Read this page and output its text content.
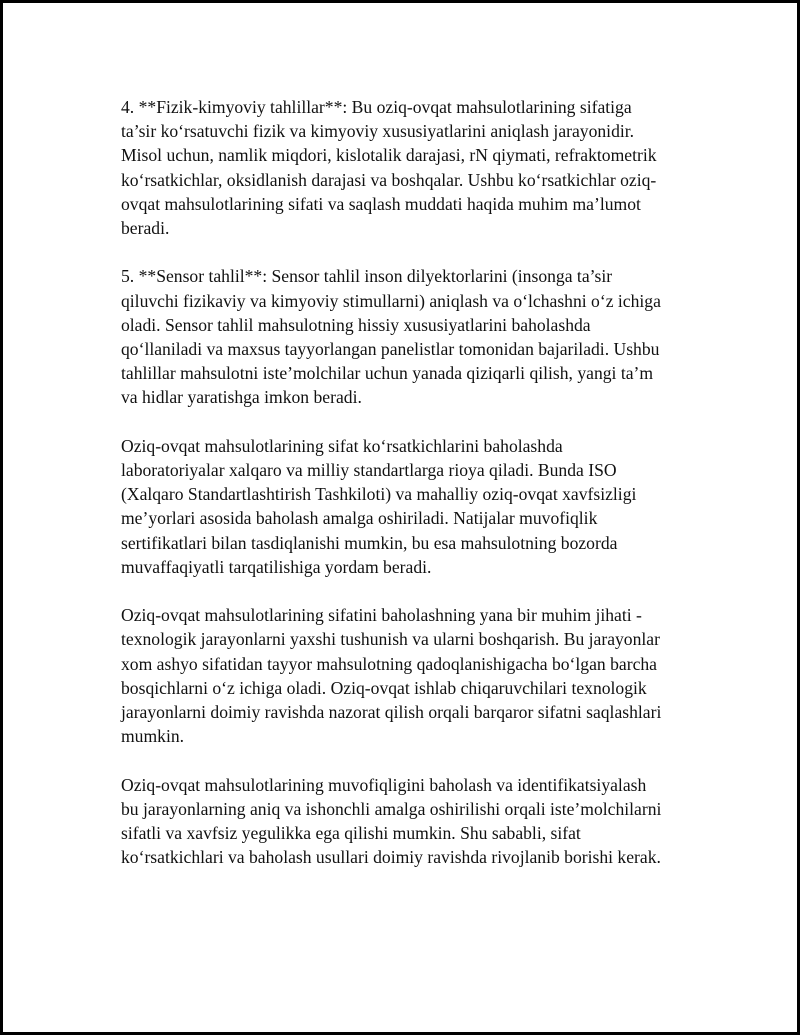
4. **Fizik-kimyoviy tahlillar**: Bu oziq-ovqat mahsulotlarining sifatiga
ta’sir ko‘rsatuvchi fizik va kimyoviy xususiyatlarini aniqlash jarayonidir.
Misol uchun, namlik miqdori, kislotalik darajasi, rN qiymati, refraktometrik
ko‘rsatkichlar, oksidlanish darajasi va boshqalar. Ushbu ko‘rsatkichlar oziq-
ovqat mahsulotlarining sifati va saqlash muddati haqida muhim ma’lumot
beradi.

5. **Sensor tahlil**: Sensor tahlil inson dilyektorlarini (insonga ta’sir
qiluvchi fizikaviy va kimyoviy stimullarni) aniqlash va o‘lchashni o‘z ichiga
oladi. Sensor tahlil mahsulotning hissiy xususiyatlarini baholashda
qo‘llaniladi va maxsus tayyorlangan panelistlar tomonidan bajariladi. Ushbu
tahlillar mahsulotni iste’molchilar uchun yanada qiziqarli qilish, yangi ta’m
va hidlar yaratishga imkon beradi.

Oziq-ovqat mahsulotlarining sifat ko‘rsatkichlarini baholashda
laboratoriyalar xalqaro va milliy standartlarga rioya qiladi. Bunda ISO
(Xalqaro Standartlashtirish Tashkiloti) va mahalliy oziq-ovqat xavfsizligi
me’yorlari asosida baholash amalga oshiriladi. Natijalar muvofiqlik
sertifikatlari bilan tasdiqlanishi mumkin, bu esa mahsulotning bozorda
muvaffaqiyatli tarqatilishiga yordam beradi.

Oziq-ovqat mahsulotlarining sifatini baholashning yana bir muhim jihati -
texnologik jarayonlarni yaxshi tushunish va ularni boshqarish. Bu jarayonlar
xom ashyo sifatidan tayyor mahsulotning qadoqlanishigacha bo‘lgan barcha
bosqichlarni o‘z ichiga oladi. Oziq-ovqat ishlab chiqaruvchilari texnologik
jarayonlarni doimiy ravishda nazorat qilish orqali barqaror sifatni saqlashlari
mumkin.

Oziq-ovqat mahsulotlarining muvofiqligini baholash va identifikatsiyalash
bu jarayonlarning aniq va ishonchli amalga oshirilishi orqali iste’molchilarni
sifatli va xavfsiz yegulikka ega qilishi mumkin. Shu sababli, sifat
ko‘rsatkichlari va baholash usullari doimiy ravishda rivojlanib borishi kerak.
